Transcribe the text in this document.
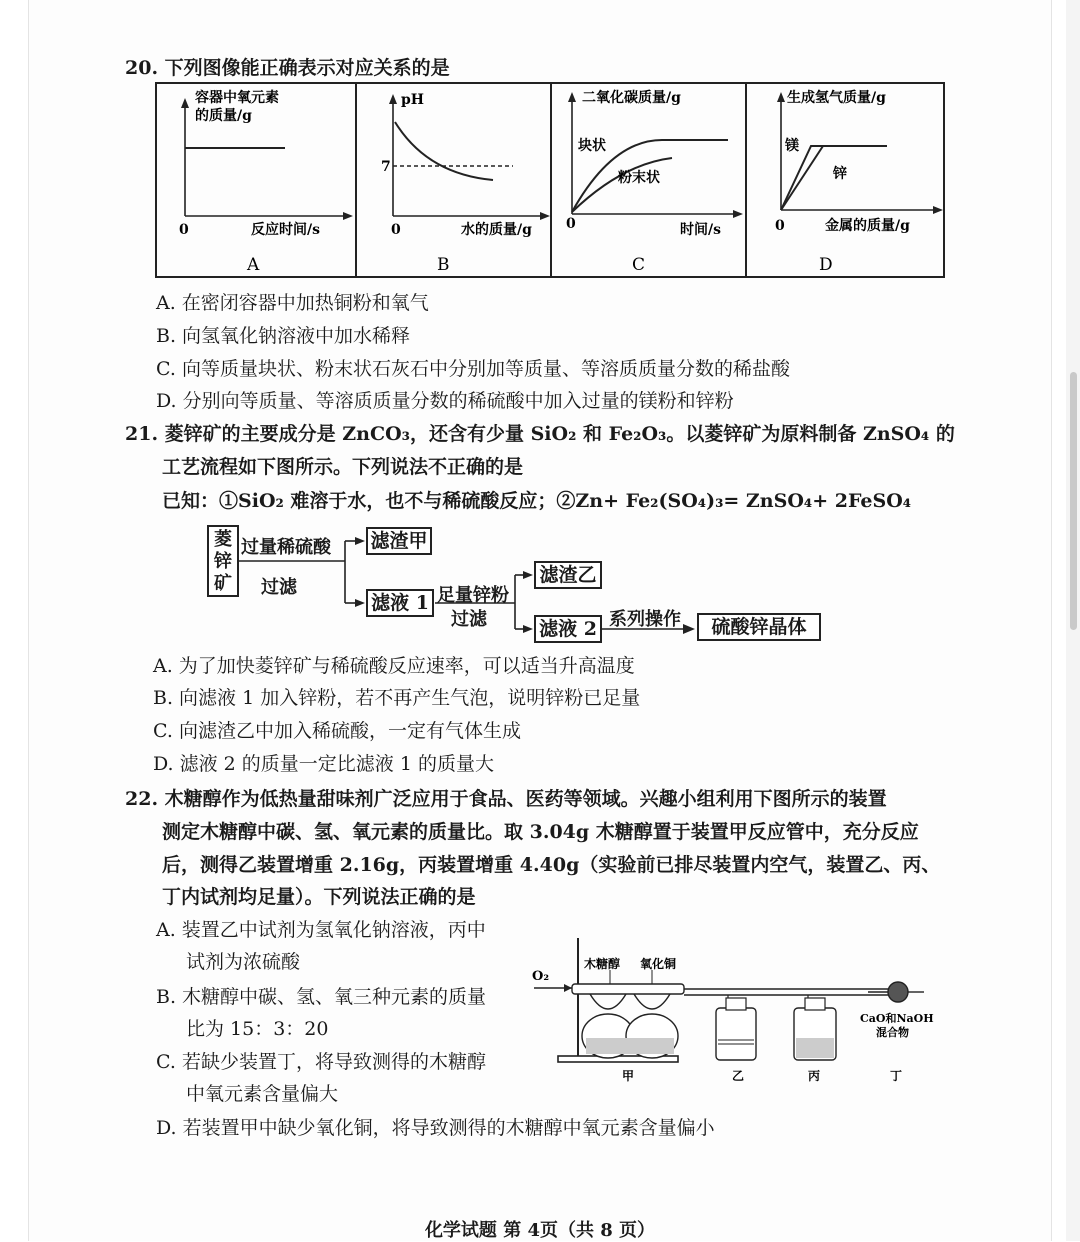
20. 下列图像能正确表示对应关系的是
容器中氧元素
的质量/g
0	反应时间/s
A
pH
7
0	水的质量/g
B
二氧化碳质量/g
块状
粉末状
0	时间/s
C
生成氢气质量/g
镁
锌
0	金属的质量/g
D
A. 在密闭容器中加热铜粉和氧气
B. 向氢氧化钠溶液中加水稀释
C. 向等质量块状、粉末状石灰石中分别加等质量、等溶质质量分数的稀盐酸
D. 分别向等质量、等溶质质量分数的稀硫酸中加入过量的镁粉和锌粉
21. 菱锌矿的主要成分是 ZnCO₃，还含有少量 SiO₂ 和 Fe₂O₃。以菱锌矿为原料制备 ZnSO₄ 的
工艺流程如下图所示。下列说法不正确的是
已知：①SiO₂ 难溶于水，也不与稀硫酸反应；②Zn+ Fe₂(SO₄)₃= ZnSO₄+ 2FeSO₄
菱锌矿
过量稀硫酸
过滤
滤渣甲
滤液 1 足量锌粉
过滤
滤渣乙
滤液 2 系列操作	硫酸锌晶体
A. 为了加快菱锌矿与稀硫酸反应速率，可以适当升高温度
B. 向滤液 1 加入锌粉，若不再产生气泡，说明锌粉已足量
C. 向滤渣乙中加入稀硫酸，一定有气体生成
D. 滤液 2 的质量一定比滤液 1 的质量大
22. 木糖醇作为低热量甜味剂广泛应用于食品、医药等领域。兴趣小组利用下图所示的装置
测定木糖醇中碳、氢、氧元素的质量比。取 3.04g 木糖醇置于装置甲反应管中，充分反应
后，测得乙装置增重 2.16g，丙装置增重 4.40g（实验前已排尽装置内空气，装置乙、丙、
丁内试剂均足量）。下列说法正确的是
A. 装置乙中试剂为氢氧化钠溶液，丙中
试剂为浓硫酸
B. 木糖醇中碳、氢、氧三种元素的质量
比为 15：3：20
C. 若缺少装置丁，将导致测得的木糖醇
中氧元素含量偏大
D. 若装置甲中缺少氧化铜，将导致测得的木糖醇中氧元素含量偏小
O₂
木糖醇 氧化铜
CaO和NaOH
混合物
甲	乙	丙	丁
化学试题 第 4页（共 8 页）
